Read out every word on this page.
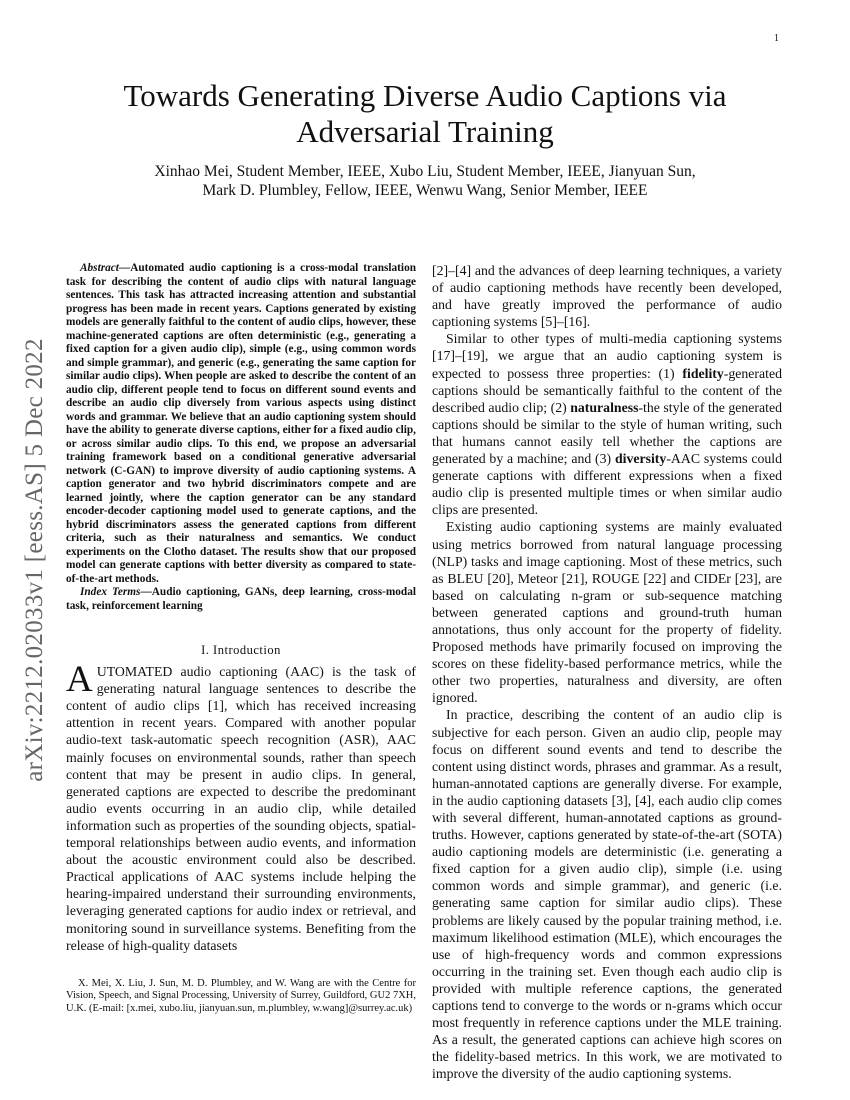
1
Towards Generating Diverse Audio Captions via Adversarial Training
Xinhao Mei, Student Member, IEEE, Xubo Liu, Student Member, IEEE, Jianyuan Sun,
Mark D. Plumbley, Fellow, IEEE, Wenwu Wang, Senior Member, IEEE
arXiv:2212.02033v1 [eess.AS] 5 Dec 2022

Abstract—Automated audio captioning is a cross-modal translation task for describing the content of audio clips with natural language sentences. This task has attracted increasing attention and substantial progress has been made in recent years. Captions generated by existing models are generally faithful to the content of audio clips, however, these machine-generated captions are often deterministic (e.g., generating a fixed caption for a given audio clip), simple (e.g., using common words and simple grammar), and generic (e.g., generating the same caption for similar audio clips). When people are asked to describe the content of an audio clip, different people tend to focus on different sound events and describe an audio clip diversely from various aspects using distinct words and grammar. We believe that an audio captioning system should have the ability to generate diverse captions, either for a fixed audio clip, or across similar audio clips. To this end, we propose an adversarial training framework based on a conditional generative adversarial network (C-GAN) to improve diversity of audio captioning systems. A caption generator and two hybrid discriminators compete and are learned jointly, where the caption generator can be any standard encoder-decoder captioning model used to generate captions, and the hybrid discriminators assess the generated captions from different criteria, such as their naturalness and semantics. We conduct experiments on the Clotho dataset. The results show that our proposed model can generate captions with better diversity as compared to state-of-the-art methods.

Index Terms—Audio captioning, GANs, deep learning, cross-modal task, reinforcement learning
I. Introduction

AUTOMATED audio captioning (AAC) is the task of generating natural language sentences to describe the content of audio clips [1], which has received increasing attention in recent years. Compared with another popular audio-text task-automatic speech recognition (ASR), AAC mainly focuses on environmental sounds, rather than speech content that may be present in audio clips. In general, generated captions are expected to describe the predominant audio events occurring in an audio clip, while detailed information such as properties of the sounding objects, spatial-temporal relationships between audio events, and information about the acoustic environment could also be described. Practical applications of AAC systems include helping the hearing-impaired understand their surrounding environments, leveraging generated captions for audio index or retrieval, and monitoring sound in surveillance systems. Benefiting from the release of high-quality datasets

X. Mei, X. Liu, J. Sun, M. D. Plumbley, and W. Wang are with the Centre for Vision, Speech, and Signal Processing, University of Surrey, Guildford, GU2 7XH, U.K. (E-mail: [x.mei, xubo.liu, jianyuan.sun, m.plumbley, w.wang]@surrey.ac.uk)

[2]–[4] and the advances of deep learning techniques, a variety of audio captioning methods have recently been developed, and have greatly improved the performance of audio captioning systems [5]–[16].

Similar to other types of multi-media captioning systems [17]–[19], we argue that an audio captioning system is expected to possess three properties: (1) fidelity-generated captions should be semantically faithful to the content of the described audio clip; (2) naturalness-the style of the generated captions should be similar to the style of human writing, such that humans cannot easily tell whether the captions are generated by a machine; and (3) diversity-AAC systems could generate captions with different expressions when a fixed audio clip is presented multiple times or when similar audio clips are presented.

Existing audio captioning systems are mainly evaluated using metrics borrowed from natural language processing (NLP) tasks and image captioning. Most of these metrics, such as BLEU [20], Meteor [21], ROUGE [22] and CIDEr [23], are based on calculating n-gram or sub-sequence matching between generated captions and ground-truth human annotations, thus only account for the property of fidelity. Proposed methods have primarily focused on improving the scores on these fidelity-based performance metrics, while the other two properties, naturalness and diversity, are often ignored.

In practice, describing the content of an audio clip is subjective for each person. Given an audio clip, people may focus on different sound events and tend to describe the content using distinct words, phrases and grammar. As a result, human-annotated captions are generally diverse. For example, in the audio captioning datasets [3], [4], each audio clip comes with several different, human-annotated captions as ground-truths. However, captions generated by state-of-the-art (SOTA) audio captioning models are deterministic (i.e. generating a fixed caption for a given audio clip), simple (i.e. using common words and simple grammar), and generic (i.e. generating same caption for similar audio clips). These problems are likely caused by the popular training method, i.e. maximum likelihood estimation (MLE), which encourages the use of high-frequency words and common expressions occurring in the training set. Even though each audio clip is provided with multiple reference captions, the generated captions tend to converge to the words or n-grams which occur most frequently in reference captions under the MLE training. As a result, the generated captions can achieve high scores on the fidelity-based metrics. In this work, we are motivated to improve the diversity of the audio captioning systems.
